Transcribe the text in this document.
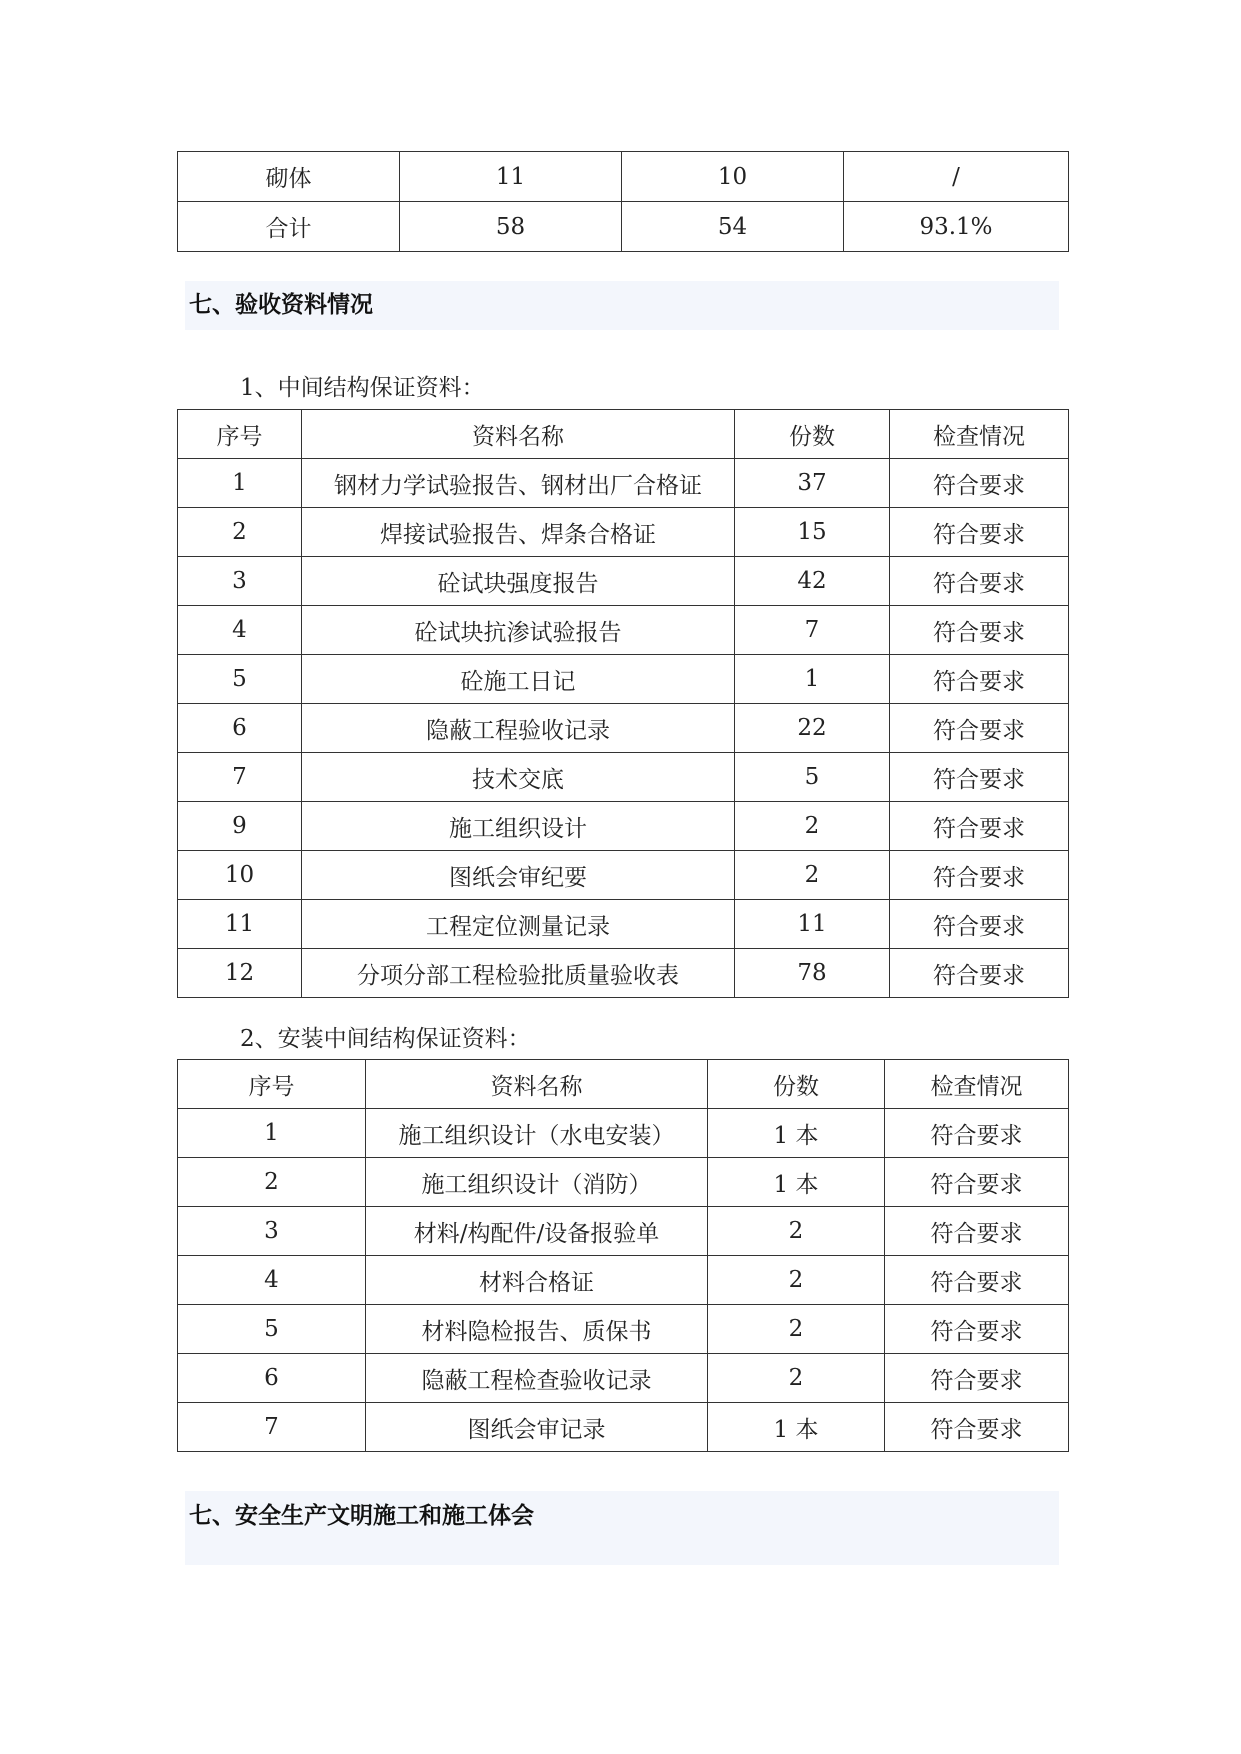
砌体	11	10	/
合计	58	54	93.1%
七、验收资料情况
1、中间结构保证资料：
序号	资料名称	份数	检查情况
1	钢材力学试验报告、钢材出厂合格证	37	符合要求
2	焊接试验报告、焊条合格证	15	符合要求
3	砼试块强度报告	42	符合要求
4	砼试块抗渗试验报告	7	符合要求
5	砼施工日记	1	符合要求
6	隐蔽工程验收记录	22	符合要求
7	技术交底	5	符合要求
9	施工组织设计	2	符合要求
10	图纸会审纪要	2	符合要求
11	工程定位测量记录	11	符合要求
12	分项分部工程检验批质量验收表	78	符合要求
2、安装中间结构保证资料：
序号	资料名称	份数	检查情况
1	施工组织设计（水电安装）	1 本	符合要求
2	施工组织设计（消防）	1 本	符合要求
3	材料/构配件/设备报验单	2	符合要求
4	材料合格证	2	符合要求
5	材料隐检报告、质保书	2	符合要求
6	隐蔽工程检查验收记录	2	符合要求
7	图纸会审记录	1 本	符合要求
七、安全生产文明施工和施工体会
